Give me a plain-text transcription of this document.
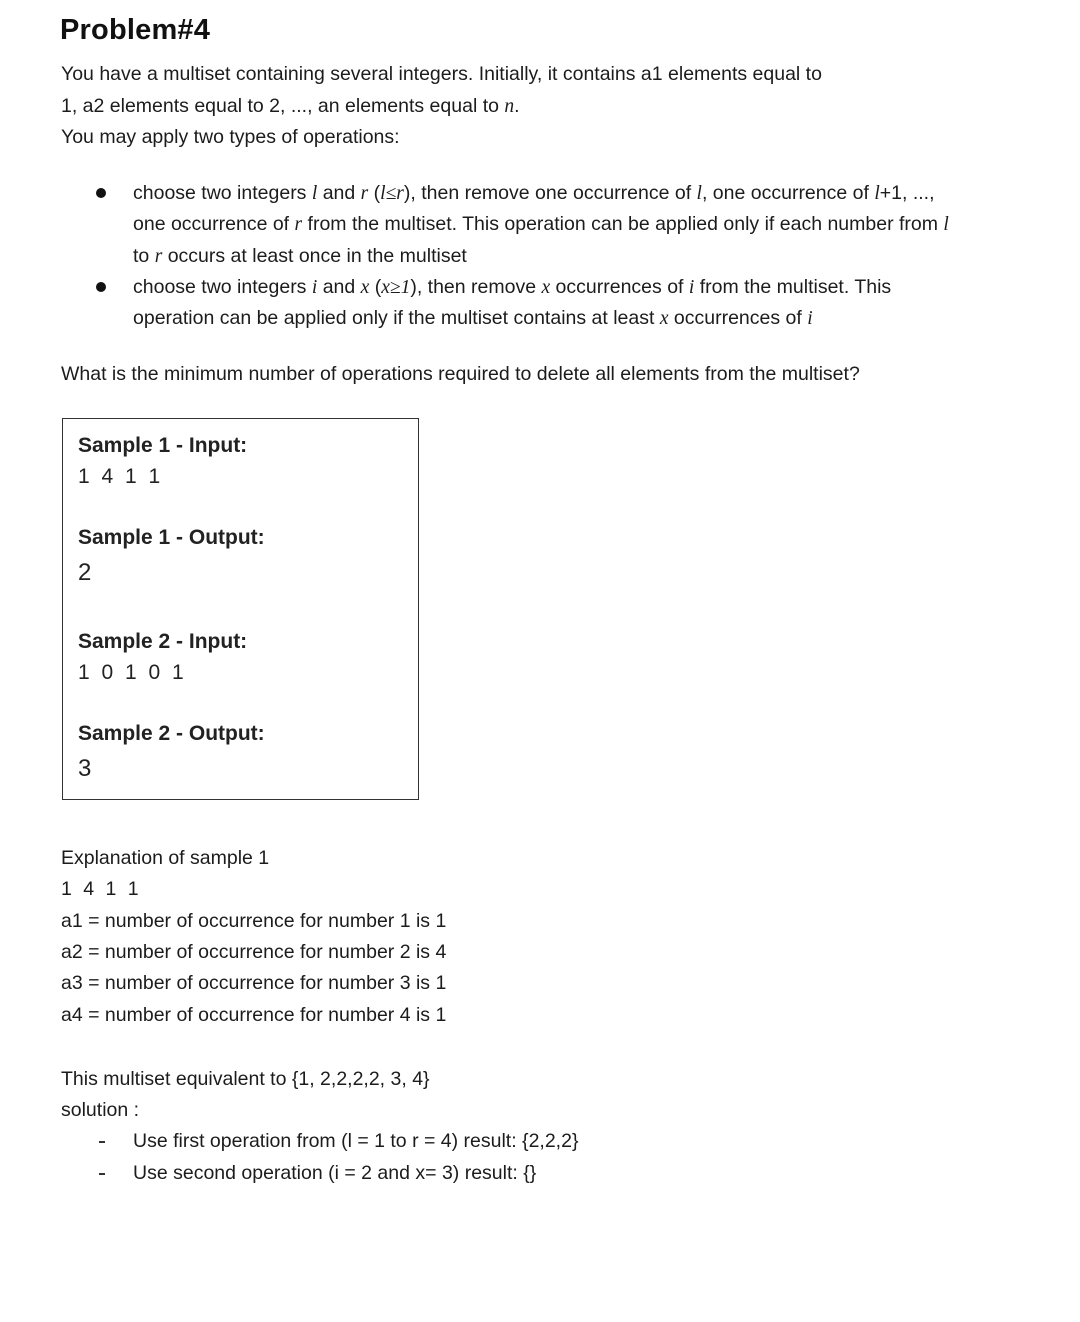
Problem#4
You have a multiset containing several integers. Initially, it contains a1 elements equal to
1, a2 elements equal to 2, ..., an elements equal to n.
You may apply two types of operations:
choose two integers l and r (l≤r), then remove one occurrence of l, one occurrence of l+1, ...,
one occurrence of r from the multiset. This operation can be applied only if each number from l
to r occurs at least once in the multiset
choose two integers i and x (x≥1), then remove x occurrences of i from the multiset. This
operation can be applied only if the multiset contains at least x occurrences of i
What is the minimum number of operations required to delete all elements from the multiset?
Sample 1 - Input:
1 4 1 1
Sample 1 - Output:
2
Sample 2 - Input:
1 0 1 0 1
Sample 2 - Output:
3
Explanation of sample 1
1 4 1 1
a1 = number of occurrence for number 1 is 1
a2 = number of occurrence for number 2 is 4
a3 = number of occurrence for number 3 is 1
a4 = number of occurrence for number 4 is 1
This multiset equivalent to {1, 2,2,2,2, 3, 4}
solution :
Use first operation from (l = 1 to r = 4) result: {2,2,2}
Use second operation (i = 2 and x= 3) result: {}
